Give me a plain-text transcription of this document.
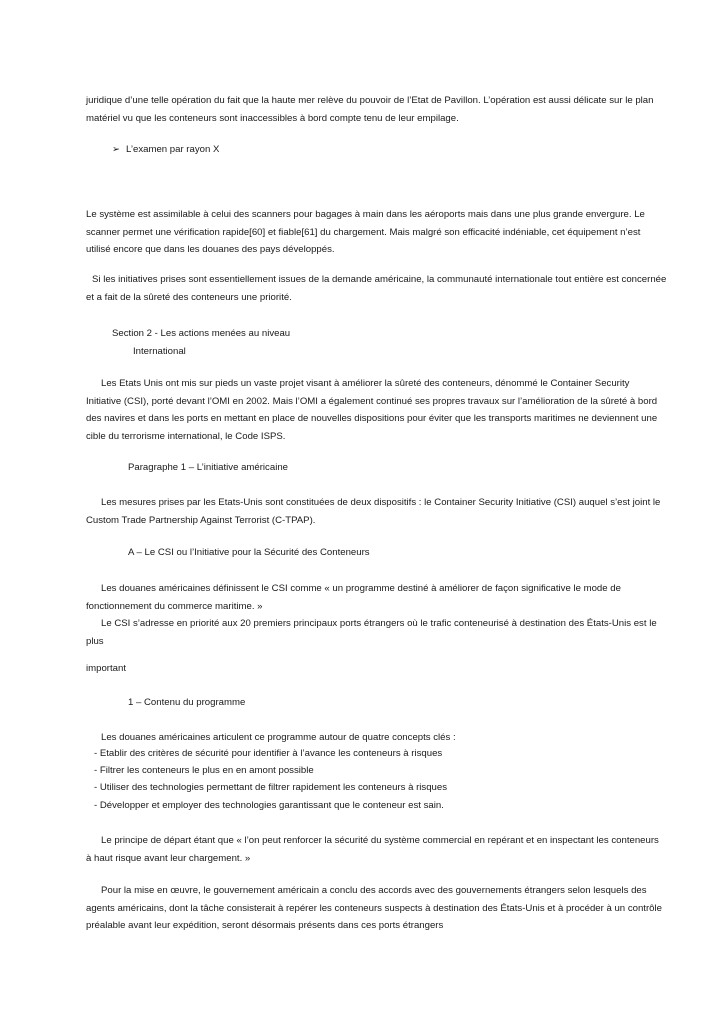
juridique d’une telle opération du fait que la haute mer relève du pouvoir de l’Etat de Pavillon. L’opération est aussi délicate sur le plan
matériel vu que les conteneurs sont inaccessibles à bord compte tenu de leur empilage.
➢ L’examen par rayon X
Le système est assimilable à celui des scanners pour bagages à main dans les aéroports mais dans une plus grande envergure. Le
scanner permet une vérification rapide[60] et fiable[61] du chargement. Mais malgré son efficacité indéniable, cet équipement n’est
utilisé encore que dans les douanes des pays développés.
Si les initiatives prises sont essentiellement issues de la demande américaine, la communauté internationale tout entière est concernée
et a fait de la sûreté des conteneurs une priorité.
Section 2 - Les actions menées au niveau
International
Les Etats Unis ont mis sur pieds un vaste projet visant à améliorer la sûreté des conteneurs, dénommé le Container Security
Initiative (CSI), porté devant l’OMI en 2002. Mais l’OMI a également continué ses propres travaux sur l’amélioration de la sûreté à bord
des navires et dans les ports en mettant en place de nouvelles dispositions pour éviter que les transports maritimes ne deviennent une
cible du terrorisme international, le Code ISPS.
Paragraphe 1 – L’initiative américaine
Les mesures prises par les Etats-Unis sont constituées de deux dispositifs : le Container Security Initiative (CSI) auquel s’est joint le
Custom Trade Partnership Against Terrorist (C-TPAP).
A – Le CSI ou l’Initiative pour la Sécurité des Conteneurs
Les douanes américaines définissent le CSI comme « un programme destiné à améliorer de façon significative le mode de
fonctionnement du commerce maritime. »
Le CSI s’adresse en priorité aux 20 premiers principaux ports étrangers où le trafic conteneurisé à destination des États-Unis est le
plus
important
1 – Contenu du programme
Les douanes américaines articulent ce programme autour de quatre concepts clés :
- Etablir des critères de sécurité pour identifier à l’avance les conteneurs à risques
- Filtrer les conteneurs le plus en en amont possible
- Utiliser des technologies permettant de filtrer rapidement les conteneurs à risques
- Développer et employer des technologies garantissant que le conteneur est sain.
Le principe de départ étant que « l’on peut renforcer la sécurité du système commercial en repérant et en inspectant les conteneurs
à haut risque avant leur chargement. »
Pour la mise en œuvre, le gouvernement américain a conclu des accords avec des gouvernements étrangers selon lesquels des
agents américains, dont la tâche consisterait à repérer les conteneurs suspects à destination des États-Unis et à procéder à un contrôle
préalable avant leur expédition, seront désormais présents dans ces ports étrangers
